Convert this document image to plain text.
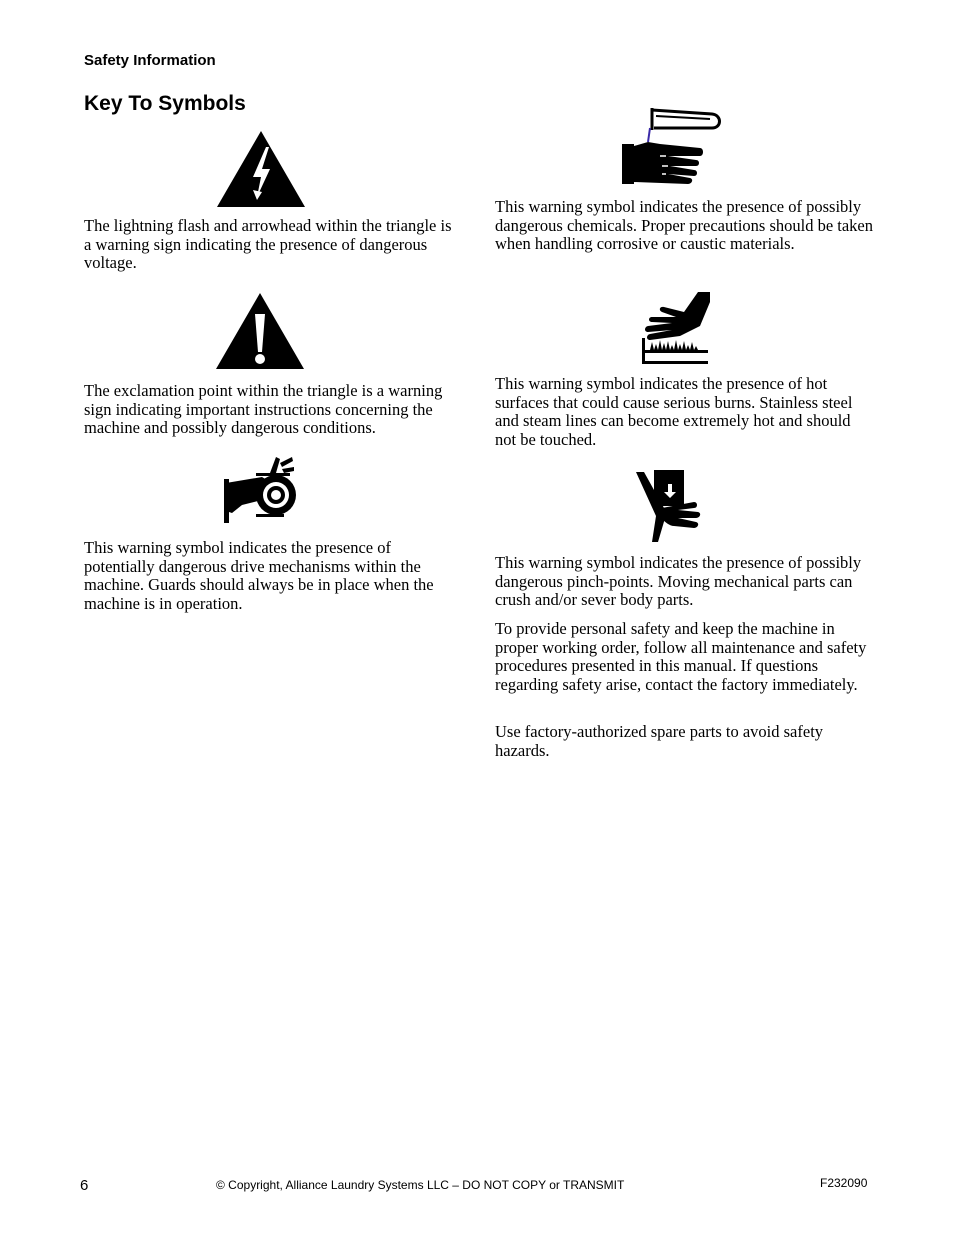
Safety Information
Key To Symbols

The lightning flash and arrowhead within the triangle is a warning sign indicating the presence of dangerous voltage.

The exclamation point within the triangle is a warning sign indicating important instructions concerning the machine and possibly dangerous conditions.

This warning symbol indicates the presence of potentially dangerous drive mechanisms within the machine. Guards should always be in place when the machine is in operation.

This warning symbol indicates the presence of possibly dangerous chemicals. Proper precautions should be taken when handling corrosive or caustic materials.

This warning symbol indicates the presence of hot surfaces that could cause serious burns. Stainless steel and steam lines can become extremely hot and should not be touched.

This warning symbol indicates the presence of possibly dangerous pinch-points. Moving mechanical parts can crush and/or sever body parts.

To provide personal safety and keep the machine in proper working order, follow all maintenance and safety procedures presented in this manual. If questions regarding safety arise, contact the factory immediately.

Use factory-authorized spare parts to avoid safety hazards.

6	© Copyright, Alliance Laundry Systems LLC – DO NOT COPY or TRANSMIT	F232090
